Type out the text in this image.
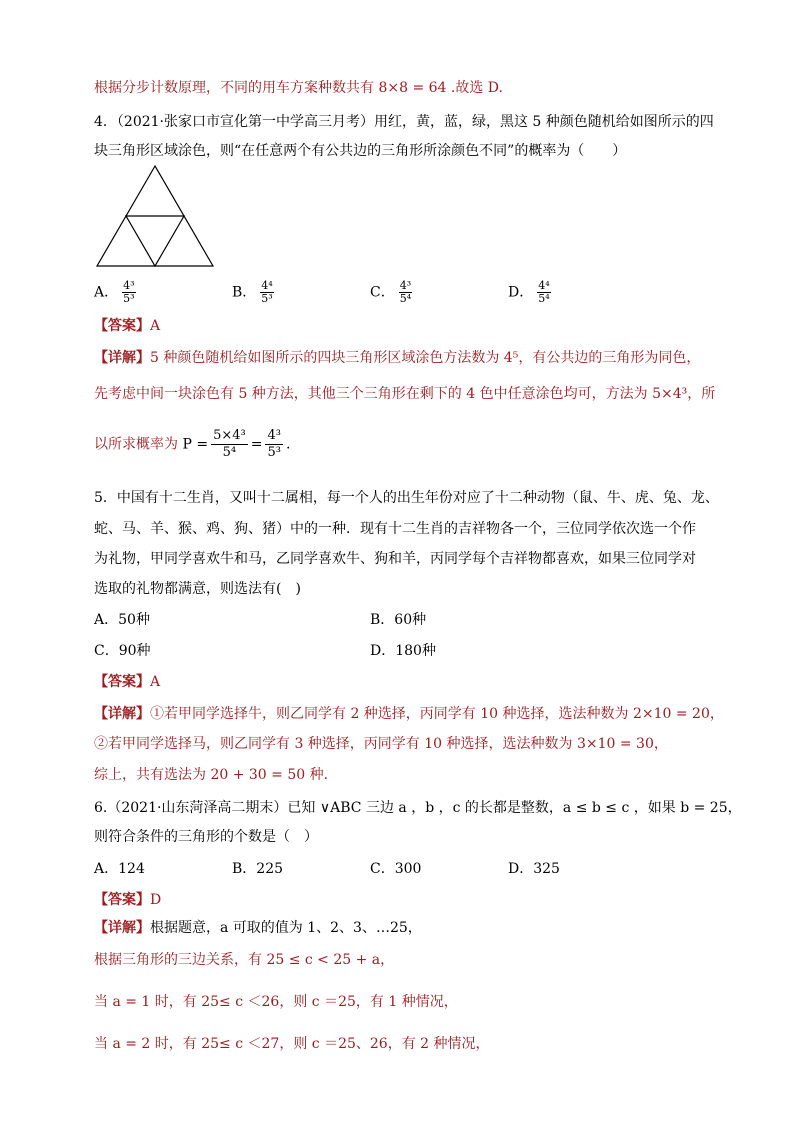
根据分步计数原理，不同的用车方案种数共有 8×8 = 64 .故选 D.
4．（2021·张家口市宣化第一中学高三月考）用红，黄，蓝，绿，黑这 5 种颜色随机给如图所示的四
块三角形区域涂色，则“在任意两个有公共边的三角形所涂颜色不同”的概率为（　　）
A． $\frac{\text{4³}}{\text{5³}}$	B． $\frac{\text{4⁴}}{\text{5³}}$	C． $\frac{\text{4³}}{\text{5⁴}}$	D． $\frac{\text{4⁴}}{\text{5⁴}}$
【答案】A
【详解】5 种颜色随机给如图所示的四块三角形区域涂色方法数为 4⁵，有公共边的三角形为同色，
先考虑中间一块涂色有 5 种方法，其他三个三角形在剩下的 4 色中任意涂色均可，方法为 5×4³，所
以所求概率为 $P = \frac{\text{5×4³}}{\text{5⁴}} = \frac{\text{4³}}{\text{5³}}$ .
5．中国有十二生肖，又叫十二属相，每一个人的出生年份对应了十二种动物（鼠、牛、虎、兔、龙、
蛇、马、羊、猴、鸡、狗、猪）中的一种．现有十二生肖的吉祥物各一个，三位同学依次选一个作
为礼物，甲同学喜欢牛和马，乙同学喜欢牛、狗和羊，丙同学每个吉祥物都喜欢，如果三位同学对
选取的礼物都满意，则选法有(　)
A．50种	B．60种
C．90种	D．180种
【答案】A
【详解】①若甲同学选择牛，则乙同学有 2 种选择，丙同学有 10 种选择，选法种数为 2×10 = 20，
②若甲同学选择马，则乙同学有 3 种选择，丙同学有 10 种选择，选法种数为 3×10 = 30，
综上，共有选法为 20 + 30 = 50 种．
6.（2021·山东菏泽高二期末）已知 ∨ABC 三边 a ，b ，c 的长都是整数，a ≤ b ≤ c ，如果 b = 25，
则符合条件的三角形的个数是（　）
A．124	B．225	C．300	D．325
【答案】D
【详解】根据题意，a 可取的值为 1、2、3、…25，
根据三角形的三边关系，有 25 ≤ c < 25 + a，
当 a = 1 时，有 25≤ c ＜26，则 c ＝25，有 1 种情况，
当 a = 2 时，有 25≤ c ＜27，则 c ＝25、26，有 2 种情况，
